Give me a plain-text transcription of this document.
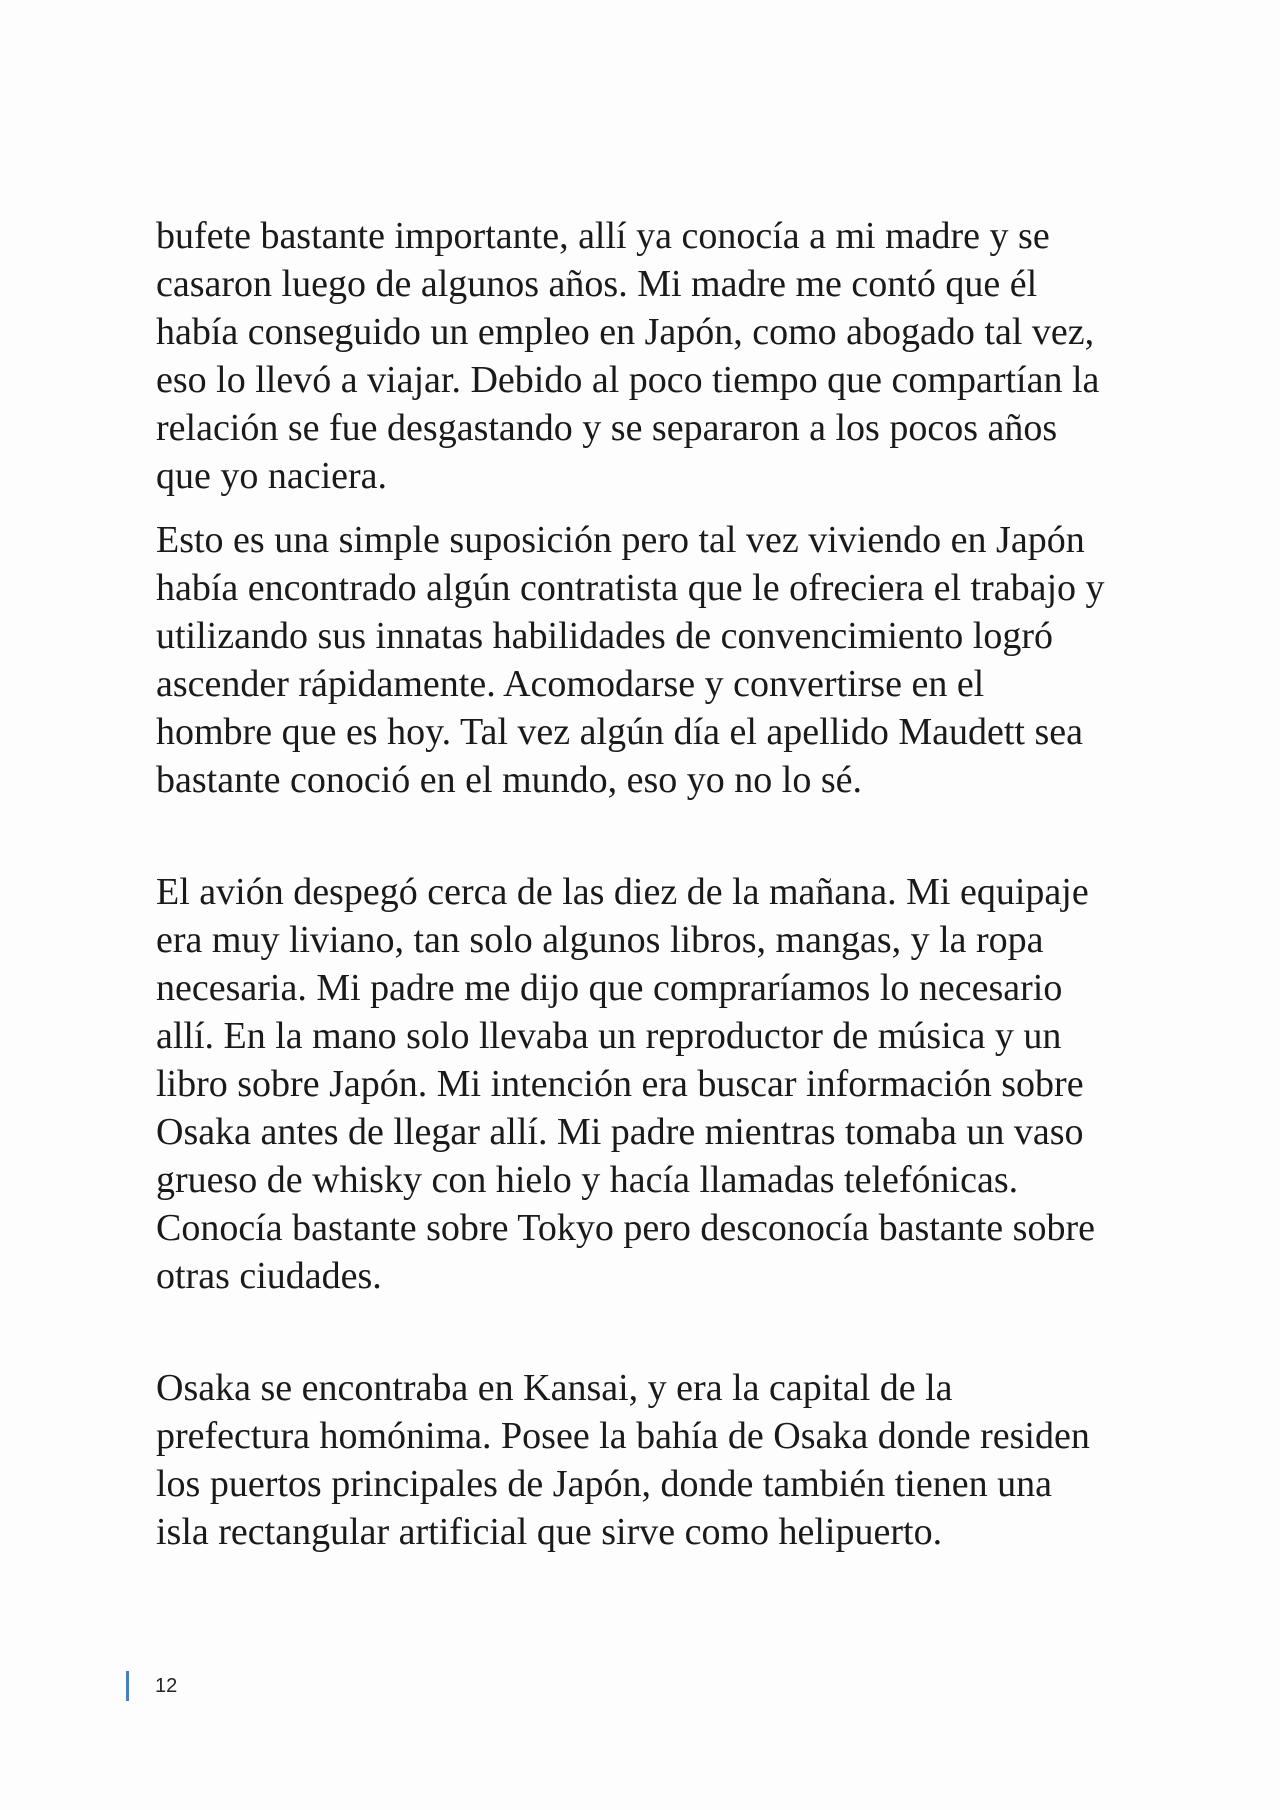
bufete bastante importante, allí ya conocía a mi madre y se
casaron luego de algunos años. Mi madre me contó que él
había conseguido un empleo en Japón, como abogado tal vez,
eso lo llevó a viajar. Debido al poco tiempo que compartían la
relación se fue desgastando y se separaron a los pocos años
que yo naciera.

Esto es una simple suposición pero tal vez viviendo en Japón
había encontrado algún contratista que le ofreciera el trabajo y
utilizando sus innatas habilidades de convencimiento logró
ascender rápidamente. Acomodarse y convertirse en el
hombre que es hoy. Tal vez algún día el apellido Maudett sea
bastante conoció en el mundo, eso yo no lo sé.

El avión despegó cerca de las diez de la mañana. Mi equipaje
era muy liviano, tan solo algunos libros, mangas, y la ropa
necesaria. Mi padre me dijo que compraríamos lo necesario
allí. En la mano solo llevaba un reproductor de música y un
libro sobre Japón. Mi intención era buscar información sobre
Osaka antes de llegar allí. Mi padre mientras tomaba un vaso
grueso de whisky con hielo y hacía llamadas telefónicas.
Conocía bastante sobre Tokyo pero desconocía bastante sobre
otras ciudades.

Osaka se encontraba en Kansai, y era la capital de la
prefectura homónima. Posee la bahía de Osaka donde residen
los puertos principales de Japón, donde también tienen una
isla rectangular artificial que sirve como helipuerto.

12
